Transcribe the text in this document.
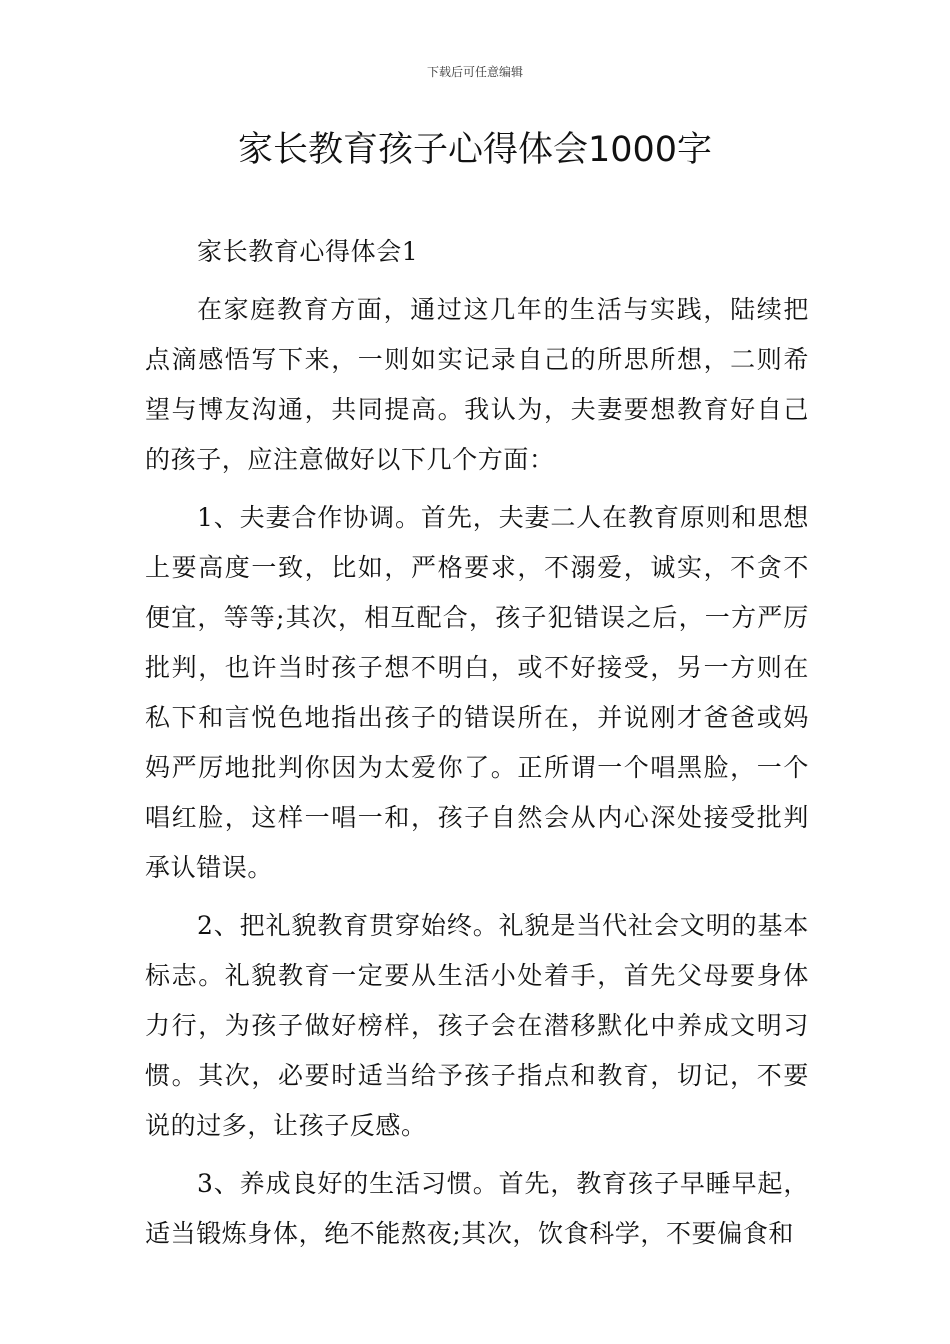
下载后可任意编辑
家长教育孩子心得体会1000字

家长教育心得体会1

在家庭教育方面，通过这几年的生活与实践，陆续把点滴感悟写下来，一则如实记录自己的所思所想，二则希望与博友沟通，共同提高。我认为，夫妻要想教育好自己的孩子，应注意做好以下几个方面：

1、夫妻合作协调。首先，夫妻二人在教育原则和思想上要高度一致，比如，严格要求，不溺爱，诚实，不贪不便宜，等等;其次，相互配合，孩子犯错误之后，一方严厉批判，也许当时孩子想不明白，或不好接受，另一方则在私下和言悦色地指出孩子的错误所在，并说刚才爸爸或妈妈严厉地批判你因为太爱你了。正所谓一个唱黑脸，一个唱红脸，这样一唱一和，孩子自然会从内心深处接受批判承认错误。

2、把礼貌教育贯穿始终。礼貌是当代社会文明的基本标志。礼貌教育一定要从生活小处着手，首先父母要身体力行，为孩子做好榜样，孩子会在潜移默化中养成文明习惯。其次，必要时适当给予孩子指点和教育，切记，不要说的过多，让孩子反感。

3、养成良好的生活习惯。首先，教育孩子早睡早起，适当锻炼身体，绝不能熬夜;其次，饮食科学，不要偏食和
